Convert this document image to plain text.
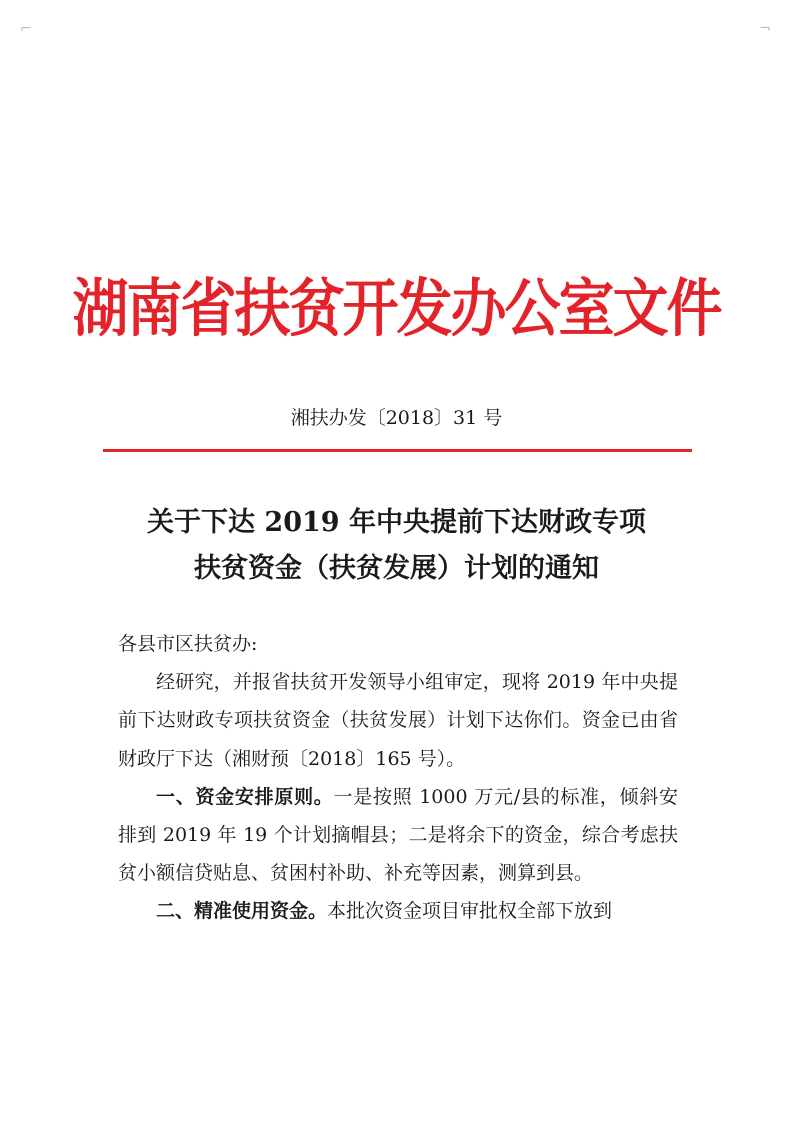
⌐	¬
湖南省扶贫开发办公室文件
湘扶办发〔2018〕31 号
关于下达 2019 年中央提前下达财政专项
扶贫资金（扶贫发展）计划的通知

各县市区扶贫办:

经研究，并报省扶贫开发领导小组审定，现将 2019 年中央提前下达财政专项扶贫资金（扶贫发展）计划下达你们。资金已由省财政厅下达（湘财预〔2018〕165 号）。

一、资金安排原则。一是按照 1000 万元/县的标准，倾斜安排到 2019 年 19 个计划摘帽县；二是将余下的资金，综合考虑扶贫小额信贷贴息、贫困村补助、补充等因素，测算到县。

二、精准使用资金。本批次资金项目审批权全部下放到
